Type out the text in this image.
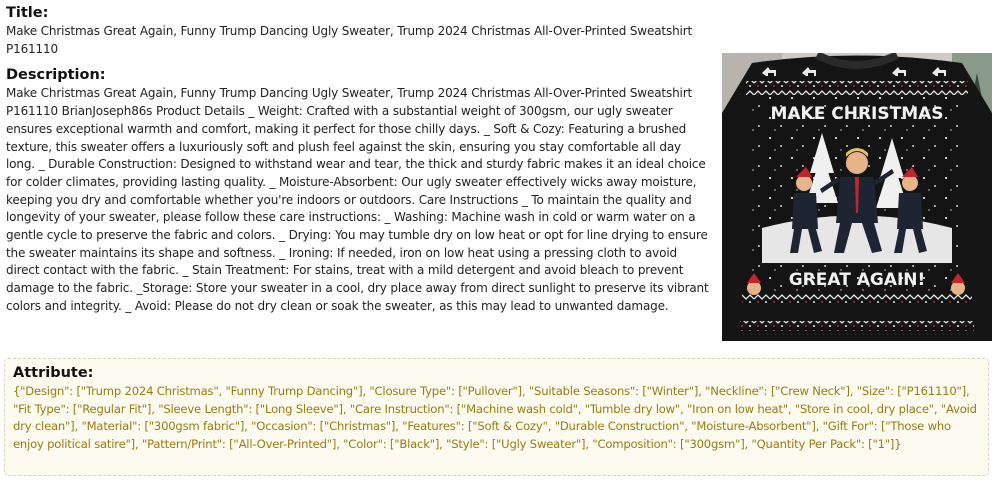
Title:

Make Christmas Great Again, Funny Trump Dancing Ugly Sweater, Trump 2024 Christmas All-Over-Printed Sweatshirt P161110

Description:

Make Christmas Great Again, Funny Trump Dancing Ugly Sweater, Trump 2024 Christmas All-Over-Printed Sweatshirt P161110 BrianJoseph86s Product Details _ Weight: Crafted with a substantial weight of 300gsm, our ugly sweater ensures exceptional warmth and comfort, making it perfect for those chilly days. _ Soft & Cozy: Featuring a brushed texture, this sweater offers a luxuriously soft and plush feel against the skin, ensuring you stay comfortable all day long. _ Durable Construction: Designed to withstand wear and tear, the thick and sturdy fabric makes it an ideal choice for colder climates, providing lasting quality. _ Moisture-Absorbent: Our ugly sweater effectively wicks away moisture, keeping you dry and comfortable whether you're indoors or outdoors. Care Instructions _ To maintain the quality and longevity of your sweater, please follow these care instructions: _ Washing: Machine wash in cold or warm water on a gentle cycle to preserve the fabric and colors. _ Drying: You may tumble dry on low heat or opt for line drying to ensure the sweater maintains its shape and softness. _ Ironing: If needed, iron on low heat using a pressing cloth to avoid direct contact with the fabric. _ Stain Treatment: For stains, treat with a mild detergent and avoid bleach to prevent damage to the fabric. _Storage: Store your sweater in a cool, dry place away from direct sunlight to preserve its vibrant colors and integrity. _ Avoid: Please do not dry clean or soak the sweater, as this may lead to unwanted damage.

MAKE CHRISTMAS
GREAT AGAIN!
Attribute:

{"Design": ["Trump 2024 Christmas", "Funny Trump Dancing"], "Closure Type": ["Pullover"], "Suitable Seasons": ["Winter"], "Neckline": ["Crew Neck"], "Size": ["P161110"], "Fit Type": ["Regular Fit"], "Sleeve Length": ["Long Sleeve"], "Care Instruction": ["Machine wash cold", "Tumble dry low", "Iron on low heat", "Store in cool, dry place", "Avoid dry clean"], "Material": ["300gsm fabric"], "Occasion": ["Christmas"], "Features": ["Soft & Cozy", "Durable Construction", "Moisture-Absorbent"], "Gift For": ["Those who enjoy political satire"], "Pattern/Print": ["All-Over-Printed"], "Color": ["Black"], "Style": ["Ugly Sweater"], "Composition": ["300gsm"], "Quantity Per Pack": ["1"]}
